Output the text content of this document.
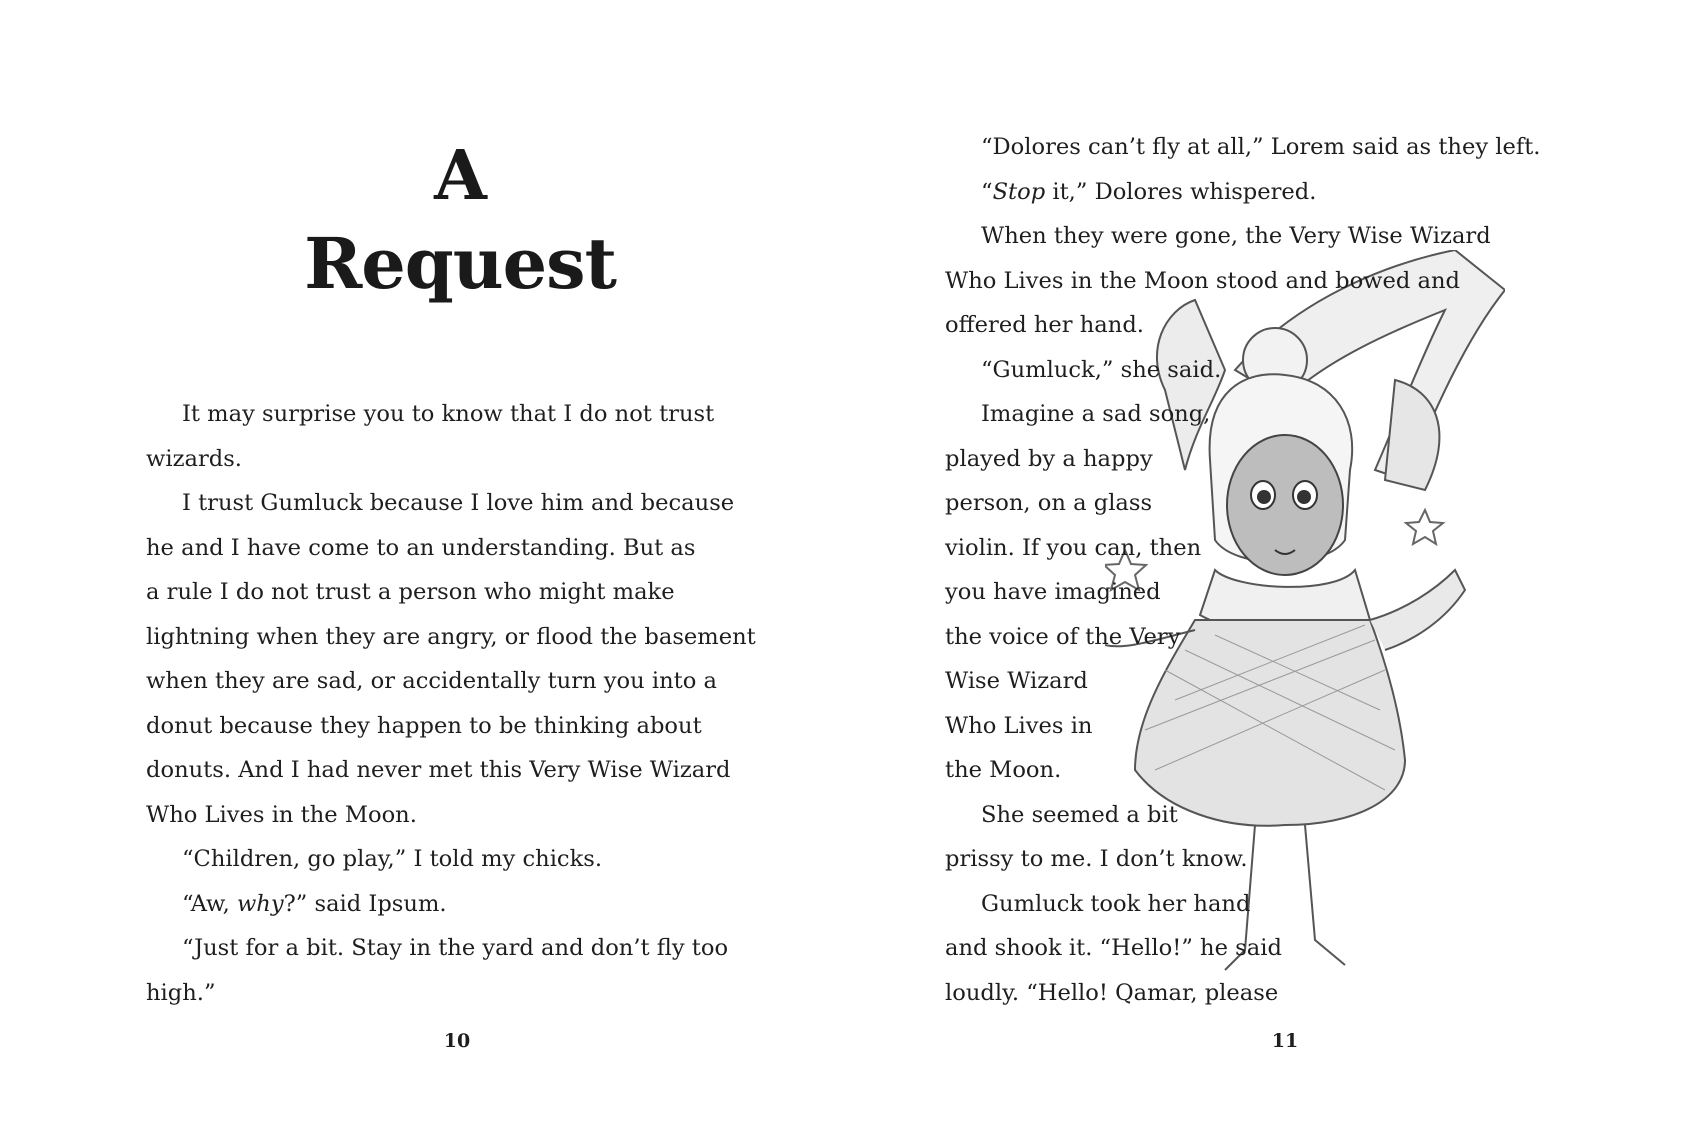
A
Request
It may surprise you to know that I do not trust
wizards.
I trust Gumluck because I love him and because
he and I have come to an understanding. But as
a rule I do not trust a person who might make
lightning when they are angry, or flood the basement
when they are sad, or accidentally turn you into a
donut because they happen to be thinking about
donuts. And I had never met this Very Wise Wizard
Who Lives in the Moon.
“Children, go play,” I told my chicks.
“Aw, why?” said Ipsum.
“Just for a bit. Stay in the yard and don’t fly too
high.”
10
“Dolores can’t fly at all,” Lorem said as they left.
“Stop it,” Dolores whispered.
When they were gone, the Very Wise Wizard
Who Lives in the Moon stood and bowed and
offered her hand.
“Gumluck,” she said.
Imagine a sad song,
played by a happy
person, on a glass
violin. If you can, then
you have imagined
the voice of the Very
Wise Wizard
Who Lives in
the Moon.
She seemed a bit
prissy to me. I don’t know.
Gumluck took her hand
and shook it. “Hello!” he said
loudly. “Hello! Qamar, please
11
